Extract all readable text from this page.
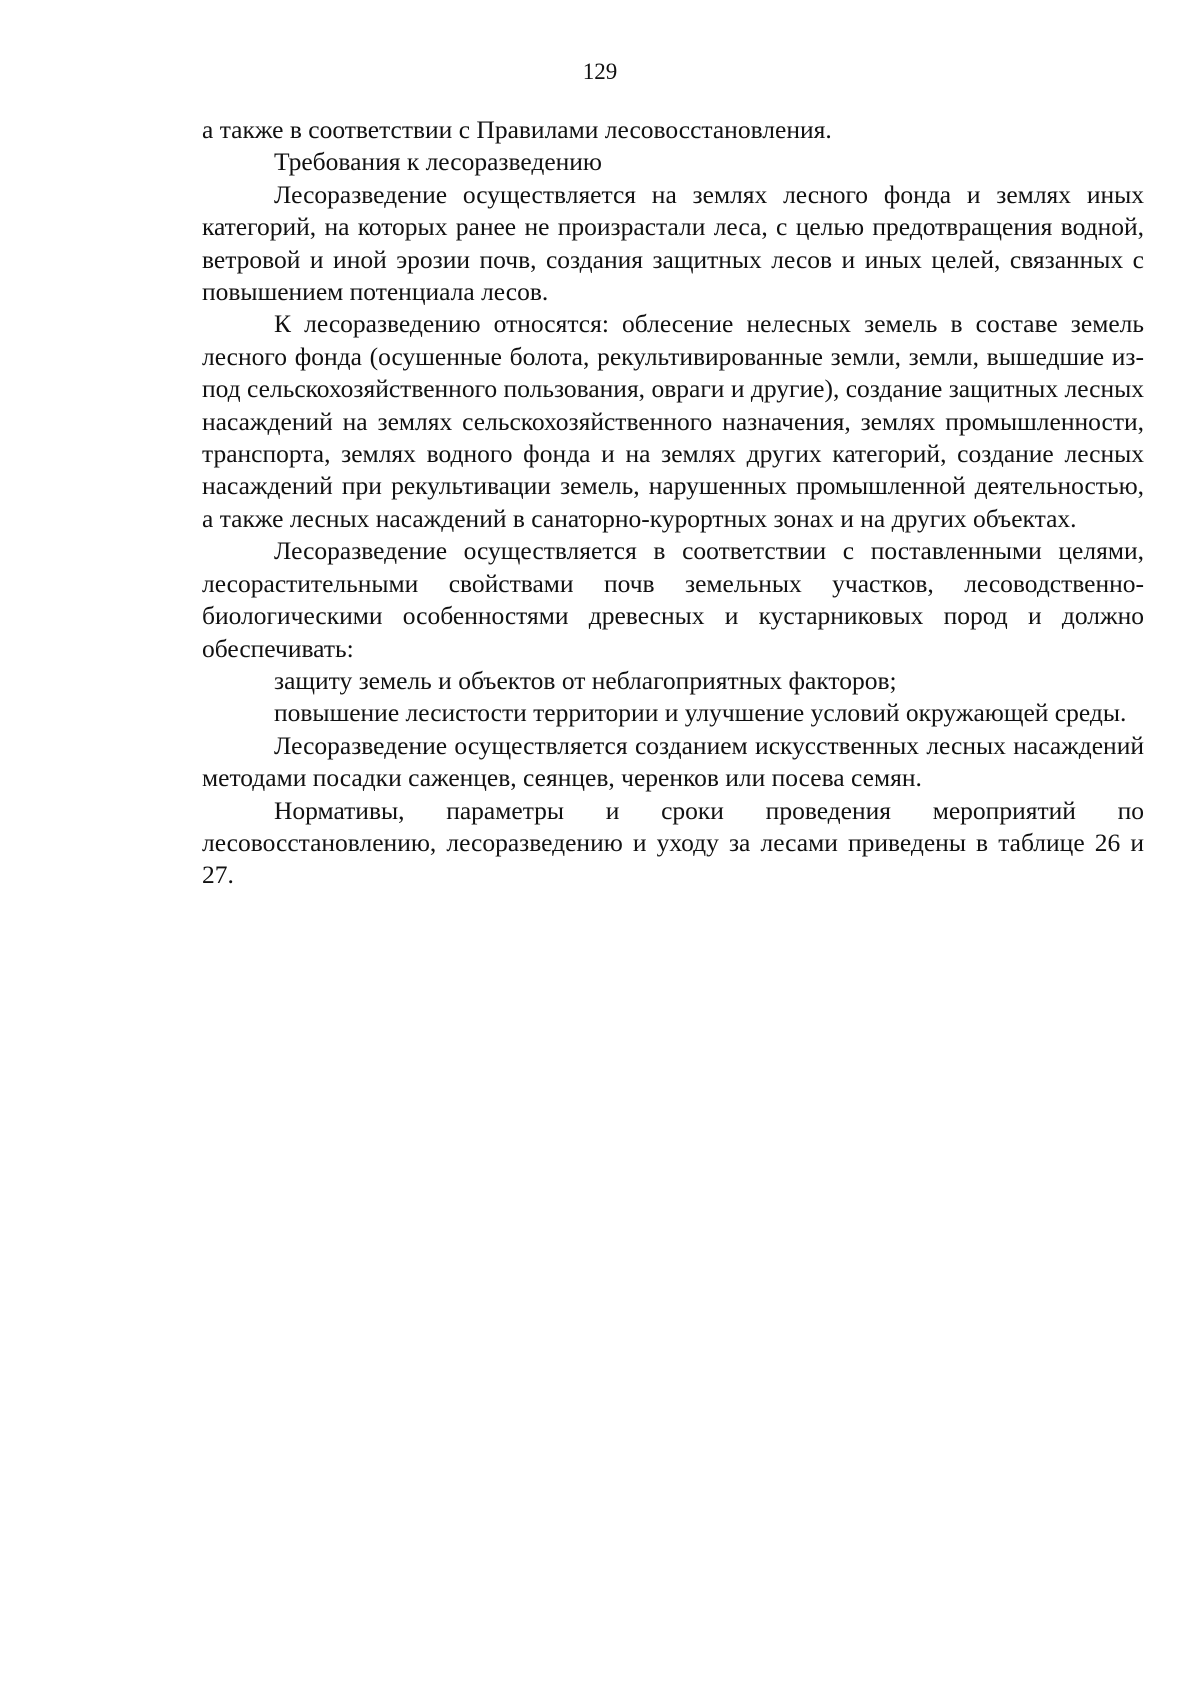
129

а также в соответствии с Правилами лесовосстановления.

Требования к лесоразведению

Лесоразведение осуществляется на землях лесного фонда и землях иных категорий, на которых ранее не произрастали леса, с целью предотвращения водной, ветровой и иной эрозии почв, создания защитных лесов и иных целей, связанных с повышением потенциала лесов.

К лесоразведению относятся: облесение нелесных земель в составе земель лесного фонда (осушенные болота, рекультивированные земли, земли, вышедшие из-под сельскохозяйственного пользования, овраги и другие), создание защитных лесных насаждений на землях сельскохозяйственного назначения, землях промышленности, транспорта, землях водного фонда и на землях других категорий, создание лесных насаждений при рекультивации земель, нарушенных промышленной деятельностью, а также лесных насаждений в санаторно-курортных зонах и на других объектах.

Лесоразведение осуществляется в соответствии с поставленными целями, лесорастительными свойствами почв земельных участков, лесоводственно-биологическими особенностями древесных и кустарниковых пород и должно обеспечивать:

защиту земель и объектов от неблагоприятных факторов;

повышение лесистости территории и улучшение условий окружающей среды.

Лесоразведение осуществляется созданием искусственных лесных насаждений методами посадки саженцев, сеянцев, черенков или посева семян.

Нормативы, параметры и сроки проведения мероприятий по лесовосстановлению, лесоразведению и уходу за лесами приведены в таблице 26 и 27.
